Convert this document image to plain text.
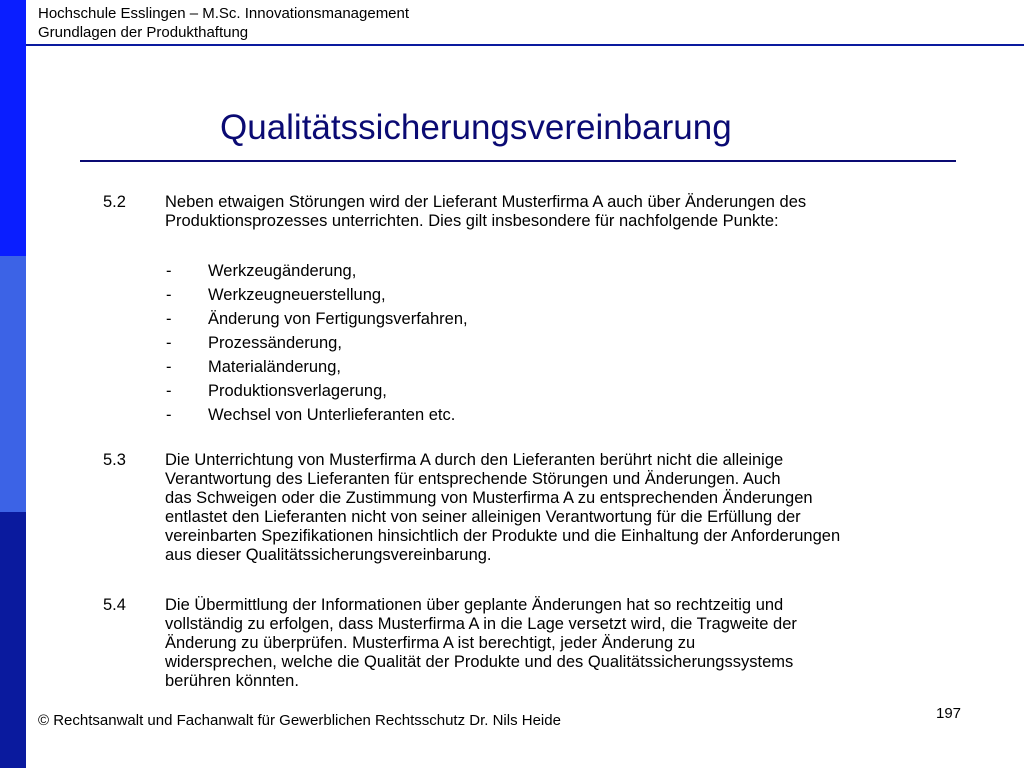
Hochschule Esslingen – M.Sc. Innovationsmanagement
Grundlagen der Produkthaftung
Qualitätssicherungsvereinbarung
5.2 Neben etwaigen Störungen wird der Lieferant Musterfirma A auch über Änderungen des
Produktionsprozesses unterrichten. Dies gilt insbesondere für nachfolgende Punkte:
- Werkzeugänderung,
- Werkzeugneuerstellung,
- Änderung von Fertigungsverfahren,
- Prozessänderung,
- Materialänderung,
- Produktionsverlagerung,
- Wechsel von Unterlieferanten etc.
5.3 Die Unterrichtung von Musterfirma A durch den Lieferanten berührt nicht die alleinige
Verantwortung des Lieferanten für entsprechende Störungen und Änderungen. Auch
das Schweigen oder die Zustimmung von Musterfirma A zu entsprechenden Änderungen
entlastet den Lieferanten nicht von seiner alleinigen Verantwortung für die Erfüllung der
vereinbarten Spezifikationen hinsichtlich der Produkte und die Einhaltung der Anforderungen
aus dieser Qualitätssicherungsvereinbarung.
5.4 Die Übermittlung der Informationen über geplante Änderungen hat so rechtzeitig und
vollständig zu erfolgen, dass Musterfirma A in die Lage versetzt wird, die Tragweite der
Änderung zu überprüfen. Musterfirma A ist berechtigt, jeder Änderung zu
widersprechen, welche die Qualität der Produkte und des Qualitätssicherungssystems
berühren könnten.
© Rechtsanwalt und Fachanwalt für Gewerblichen Rechtsschutz Dr. Nils Heide	197
